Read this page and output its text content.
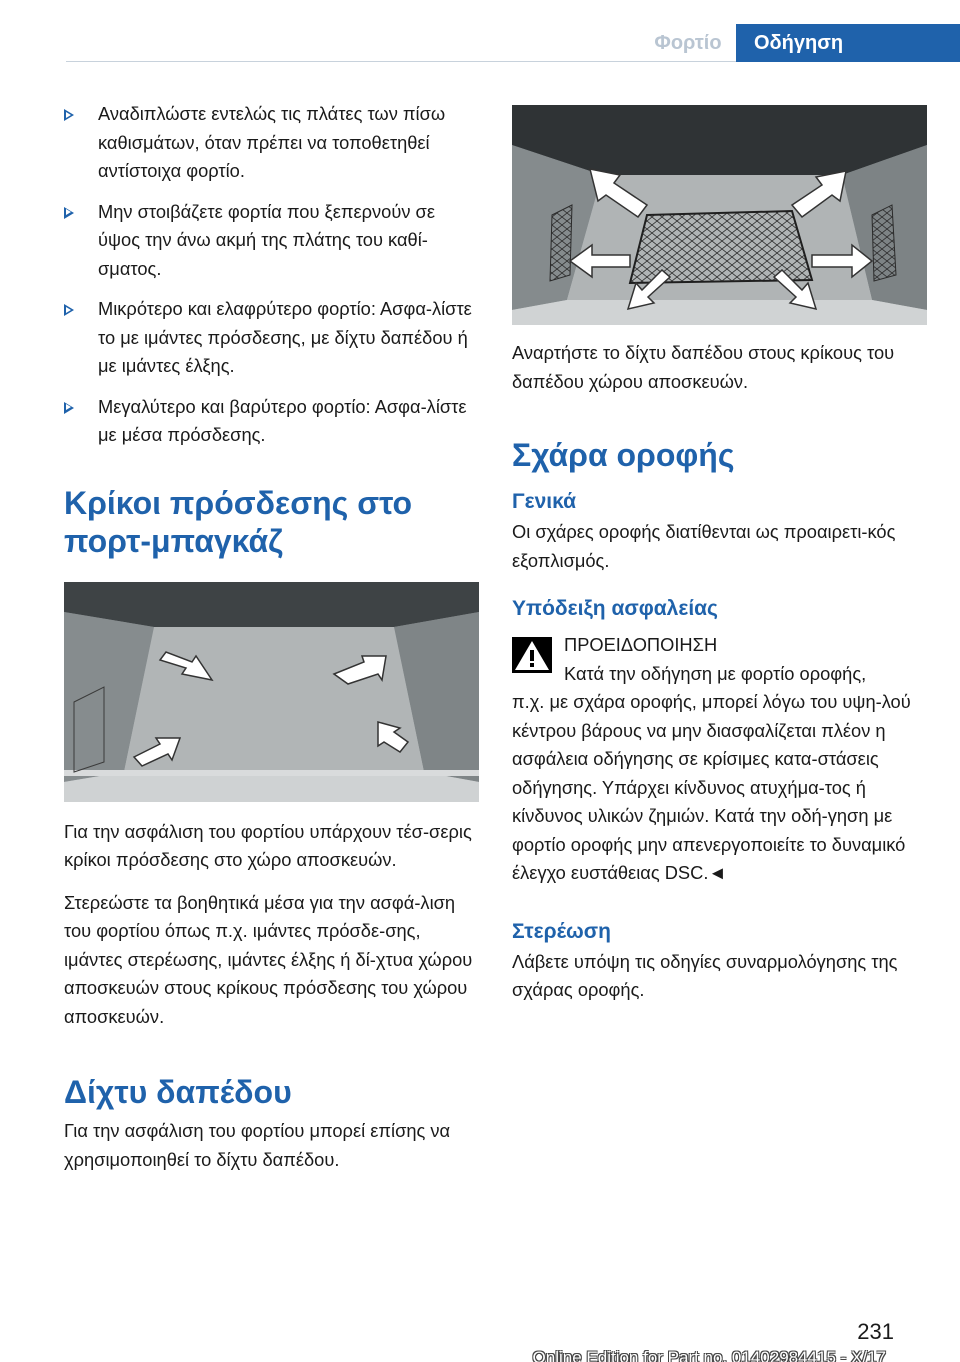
Φορτίο	Οδήγηση
Αναδιπλώστε εντελώς τις πλάτες των πίσω καθισμάτων, όταν πρέπει να τοποθετηθεί αντίστοιχα φορτίο.
Μην στοιβάζετε φορτία που ξεπερνούν σε ύψος την άνω ακμή της πλάτης του καθί-σματος.
Μικρότερο και ελαφρύτερο φορτίο: Ασφα-λίστε το με ιμάντες πρόσδεσης, με δίχτυ δαπέδου ή με ιμάντες έλξης.
Μεγαλύτερο και βαρύτερο φορτίο: Ασφα-λίστε με μέσα πρόσδεσης.
Κρίκοι πρόσδεσης στο πορτ-μπαγκάζ

Για την ασφάλιση του φορτίου υπάρχουν τέσ-σερις κρίκοι πρόσδεσης στο χώρο αποσκευών.

Στερεώστε τα βοηθητικά μέσα για την ασφά-λιση του φορτίου όπως π.χ. ιμάντες πρόσδε-σης, ιμάντες στερέωσης, ιμάντες έλξης ή δί-χτυα χώρου αποσκευών στους κρίκους πρόσδεσης του χώρου αποσκευών.

Δίχτυ δαπέδου

Για την ασφάλιση του φορτίου μπορεί επίσης να χρησιμοποιηθεί το δίχτυ δαπέδου.

Αναρτήστε το δίχτυ δαπέδου στους κρίκους του δαπέδου χώρου αποσκευών.

Σχάρα οροφής
Γενικά

Οι σχάρες οροφής διατίθενται ως προαιρετι-κός εξοπλισμός.

Υπόδειξη ασφαλείας
ΠΡΟΕΙΔΟΠΟΙΗΣΗ
Κατά την οδήγηση με φορτίο οροφής,
π.χ. με σχάρα οροφής, μπορεί λόγω του υψη-λού κέντρου βάρους να μην διασφαλίζεται πλέον η ασφάλεια οδήγησης σε κρίσιμες κατα-στάσεις οδήγησης. Υπάρχει κίνδυνος ατυχήμα-τος ή κίνδυνος υλικών ζημιών. Κατά την οδή-γηση με φορτίο οροφής μην απενεργοποιείτε το δυναμικό έλεγχο ευστάθειας DSC.◄
Στερέωση

Λάβετε υπόψη τις οδηγίες συναρμολόγησης της σχάρας οροφής.

231
Online Edition for Part no. 01402984415 - X/17
